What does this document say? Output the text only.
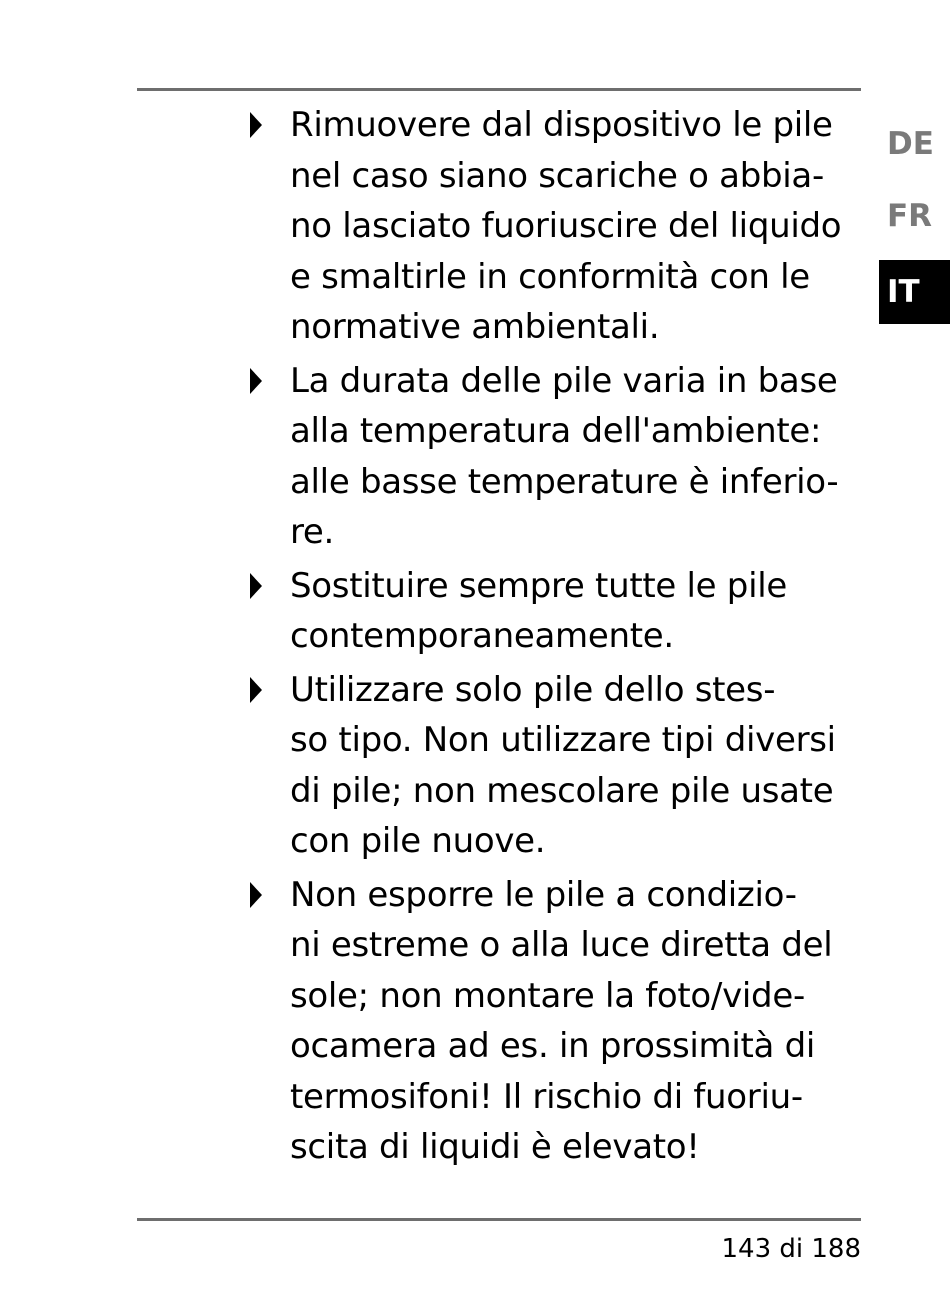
Rimuovere dal dispositivo le pile
nel caso siano scariche o abbia-
no lasciato fuoriuscire del liquido
e smaltirle in conformità con le
normative ambientali.
La durata delle pile varia in base
alla temperatura dell'ambiente:
alle basse temperature è inferio-
re.
Sostituire sempre tutte le pile
contemporaneamente.
Utilizzare solo pile dello stes-
so tipo. Non utilizzare tipi diversi
di pile; non mescolare pile usate
con pile nuove.
Non esporre le pile a condizio-
ni estreme o alla luce diretta del
sole; non montare la foto/vide-
ocamera ad es. in prossimità di
termosifoni! Il rischio di fuoriu-
scita di liquidi è elevato!
DE
FR
IT
143 di 188
